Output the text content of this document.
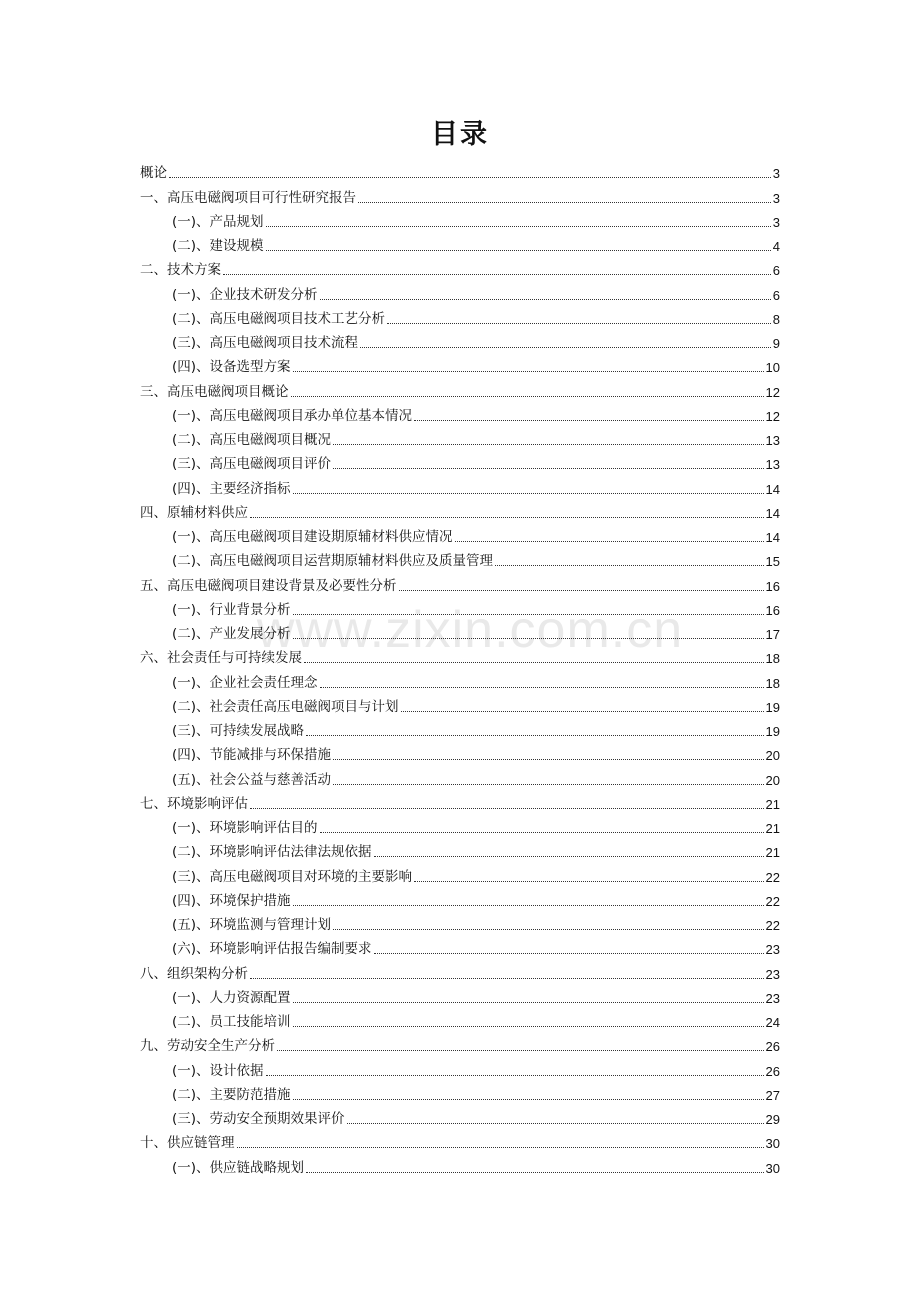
目录
www.zixin.com.cn
概论	3
一、高压电磁阀项目可行性研究报告	3
(一)、产品规划	3
(二)、建设规模	4
二、技术方案	6
(一)、企业技术研发分析	6
(二)、高压电磁阀项目技术工艺分析	8
(三)、高压电磁阀项目技术流程	9
(四)、设备选型方案	10
三、高压电磁阀项目概论	12
(一)、高压电磁阀项目承办单位基本情况	12
(二)、高压电磁阀项目概况	13
(三)、高压电磁阀项目评价	13
(四)、主要经济指标	14
四、原辅材料供应	14
(一)、高压电磁阀项目建设期原辅材料供应情况	14
(二)、高压电磁阀项目运营期原辅材料供应及质量管理	15
五、高压电磁阀项目建设背景及必要性分析	16
(一)、行业背景分析	16
(二)、产业发展分析	17
六、社会责任与可持续发展	18
(一)、企业社会责任理念	18
(二)、社会责任高压电磁阀项目与计划	19
(三)、可持续发展战略	19
(四)、节能减排与环保措施	20
(五)、社会公益与慈善活动	20
七、环境影响评估	21
(一)、环境影响评估目的	21
(二)、环境影响评估法律法规依据	21
(三)、高压电磁阀项目对环境的主要影响	22
(四)、环境保护措施	22
(五)、环境监测与管理计划	22
(六)、环境影响评估报告编制要求	23
八、组织架构分析	23
(一)、人力资源配置	23
(二)、员工技能培训	24
九、劳动安全生产分析	26
(一)、设计依据	26
(二)、主要防范措施	27
(三)、劳动安全预期效果评价	29
十、供应链管理	30
(一)、供应链战略规划	30
